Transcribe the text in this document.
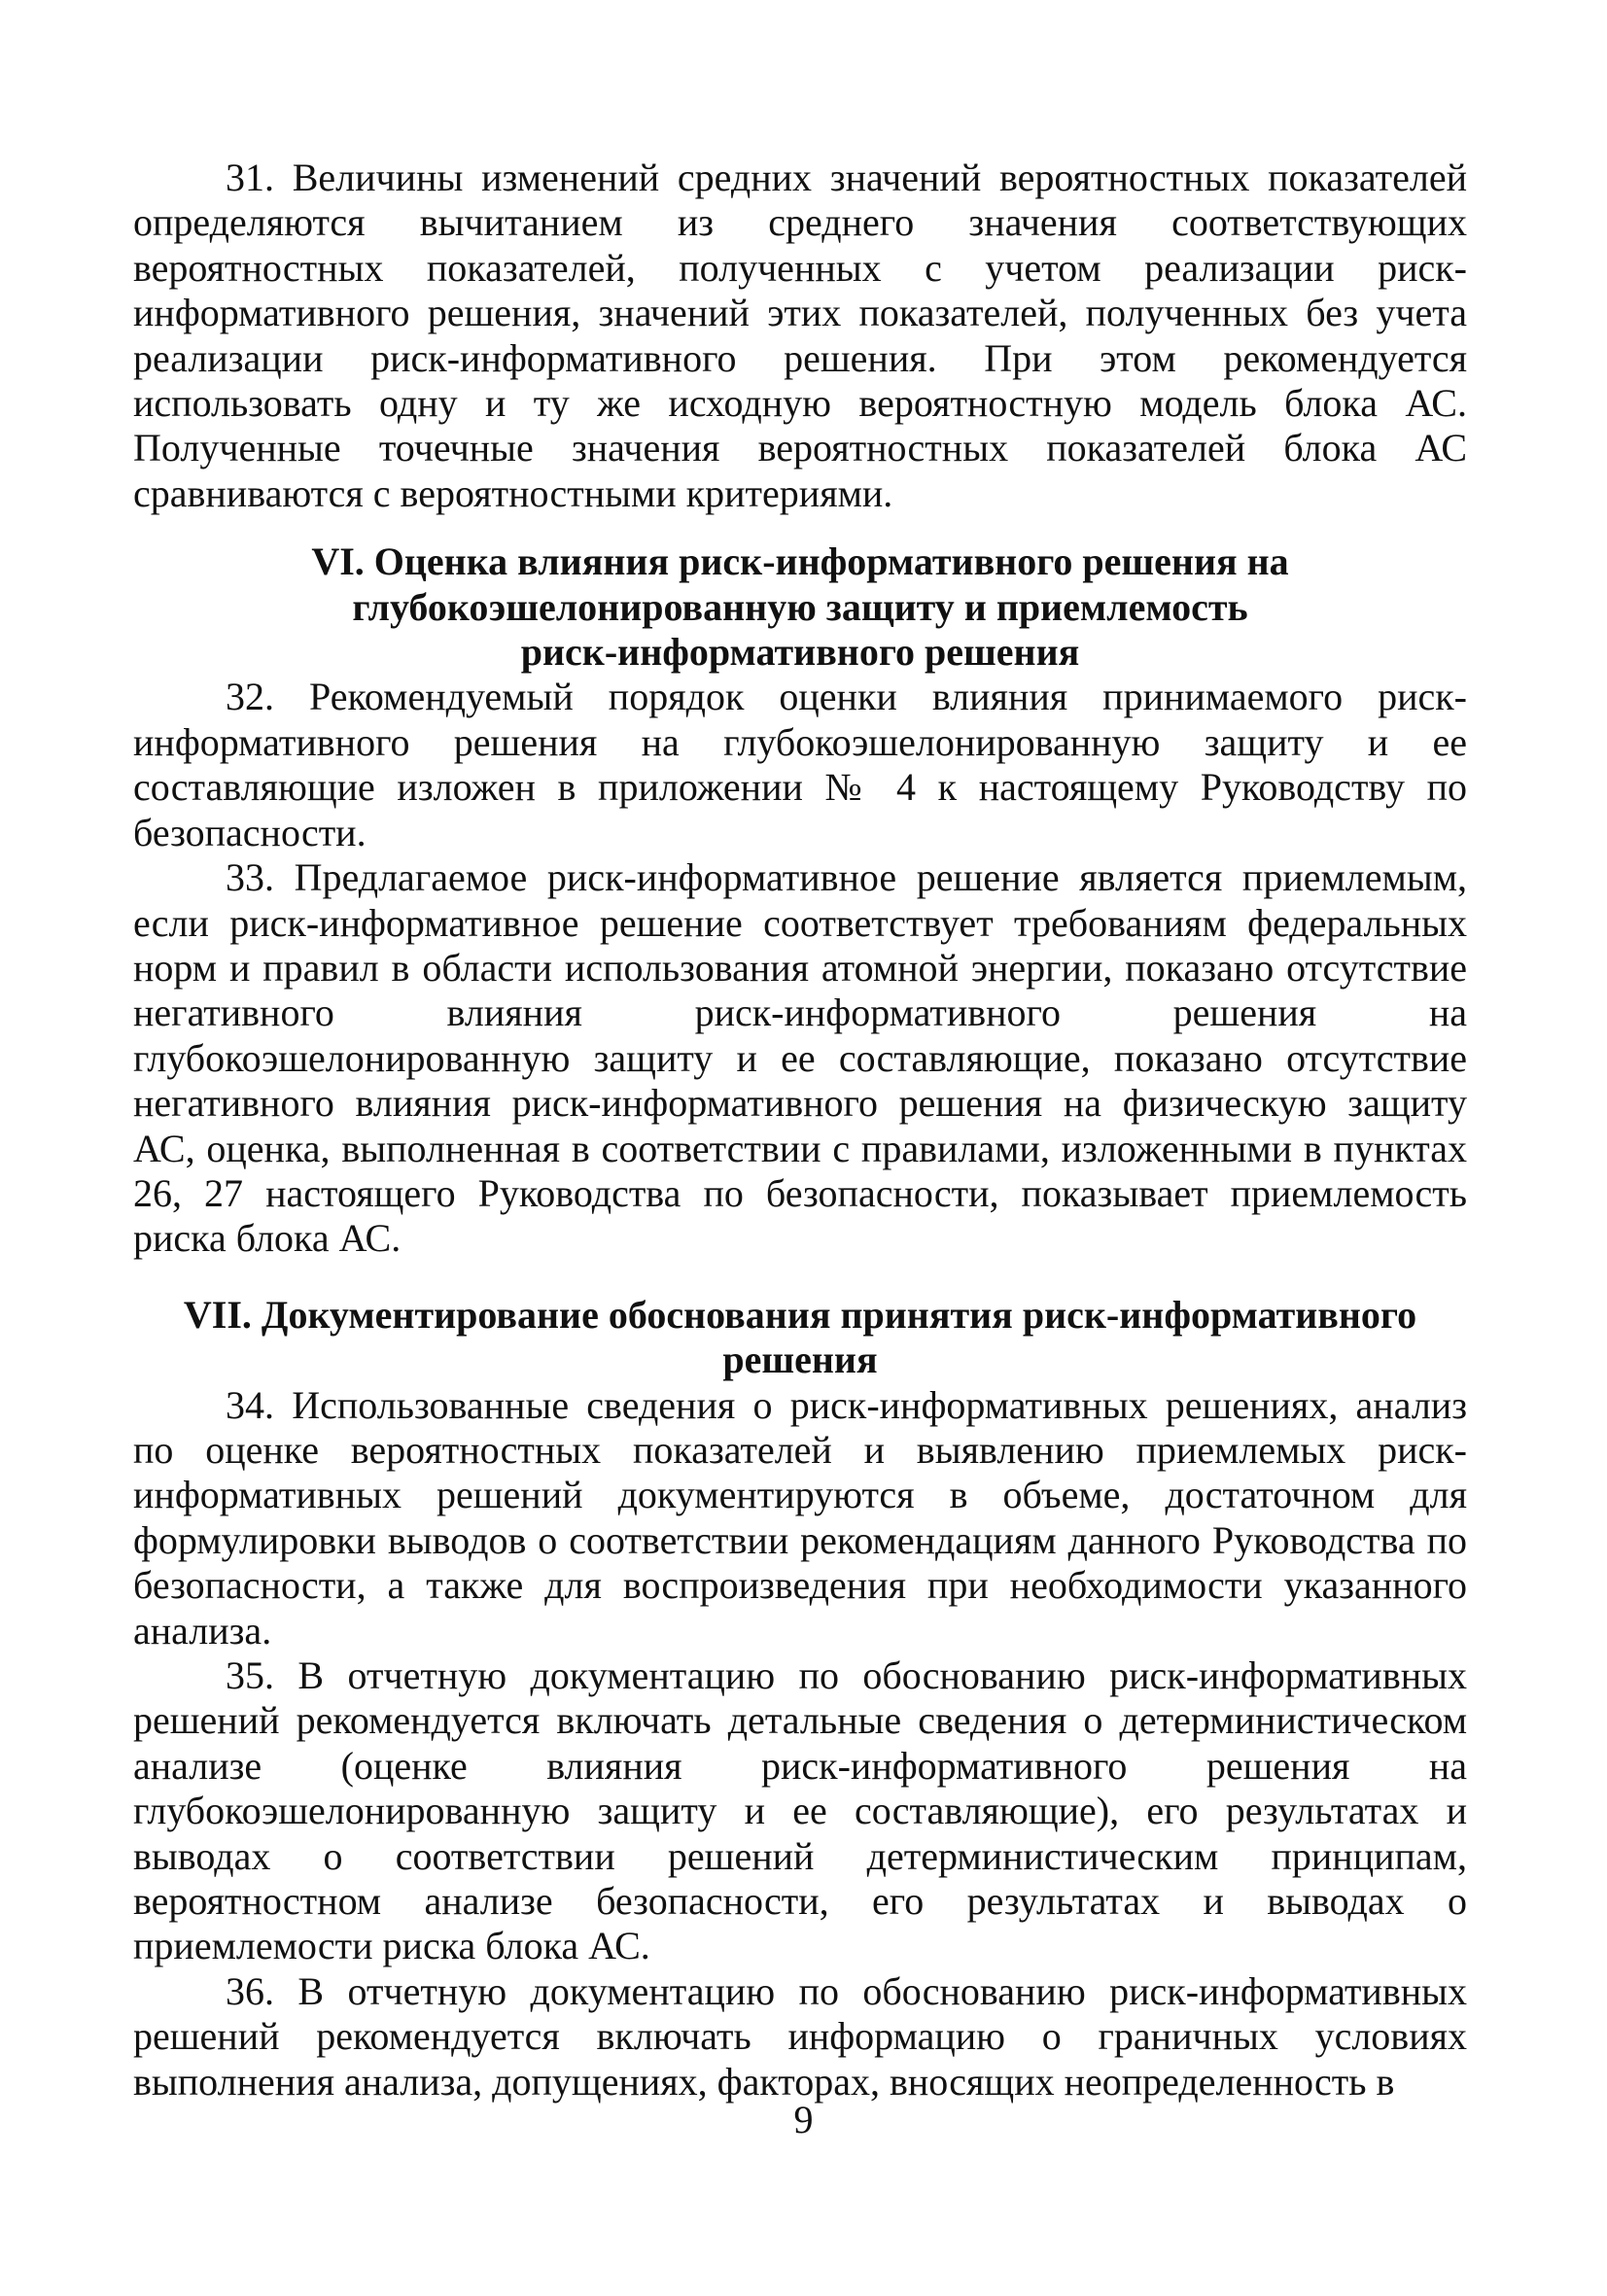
31. Величины изменений средних значений вероятностных показателей определяются вычитанием из среднего значения соответствующих вероятностных показателей, полученных с учетом реализации риск-информативного решения, значений этих показателей, полученных без учета реализации риск-информативного решения. При этом рекомендуется использовать одну и ту же исходную вероятностную модель блока АС. Полученные точечные значения вероятностных показателей блока АС сравниваются с вероятностными критериями.

VI. Оценка влияния риск-информативного решения на
глубокоэшелонированную защиту и приемлемость
риск-информативного решения

32. Рекомендуемый порядок оценки влияния принимаемого риск-информативного решения на глубокоэшелонированную защиту и ее составляющие изложен в приложении № 4 к настоящему Руководству по безопасности.

33. Предлагаемое риск-информативное решение является приемлемым, если риск-информативное решение соответствует требованиям федеральных норм и правил в области использования атомной энергии, показано отсутствие негативного влияния риск-информативного решения на глубокоэшелонированную защиту и ее составляющие, показано отсутствие негативного влияния риск-информативного решения на физическую защиту АС, оценка, выполненная в соответствии с правилами, изложенными в пунктах 26, 27 настоящего Руководства по безопасности, показывает приемлемость риска блока АС.

VII. Документирование обоснования принятия риск-информативного
решения

34. Использованные сведения о риск-информативных решениях, анализ по оценке вероятностных показателей и выявлению приемлемых риск-информативных решений документируются в объеме, достаточном для формулировки выводов о соответствии рекомендациям данного Руководства по безопасности, а также для воспроизведения при необходимости указанного анализа.

35. В отчетную документацию по обоснованию риск-информативных решений рекомендуется включать детальные сведения о детерминистическом анализе (оценке влияния риск-информативного решения на глубокоэшелонированную защиту и ее составляющие), его результатах и выводах о соответствии решений детерминистическим принципам, вероятностном анализе безопасности, его результатах и выводах о приемлемости риска блока АС.

36. В отчетную документацию по обоснованию риск-информативных решений рекомендуется включать информацию о граничных условиях выполнения анализа, допущениях, факторах, вносящих неопределенность в

9
